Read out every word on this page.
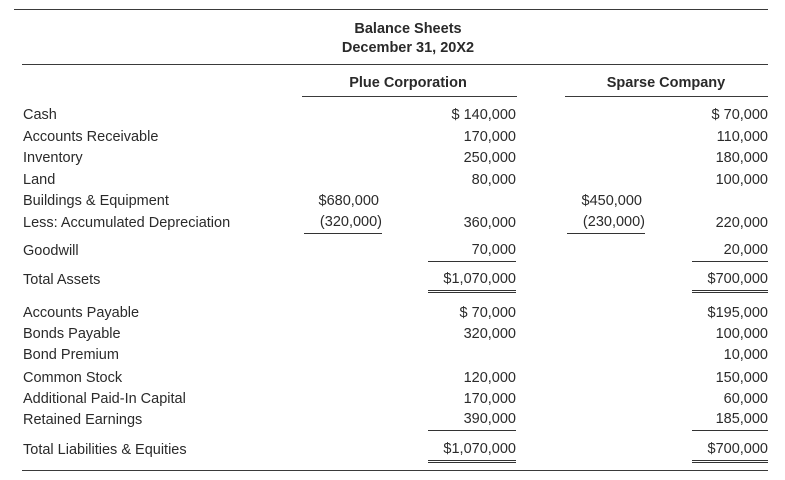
Balance Sheets
December 31, 20X2
Plue Corporation	Sparse Company
Cash
Accounts Receivable
Inventory
Land
Buildings & Equipment
Less: Accumulated Depreciation
Goodwill
Total Assets
Accounts Payable
Bonds Payable
Bond Premium
Common Stock
Additional Paid-In Capital
Retained Earnings
Total Liabilities & Equities
$680,000
(320,000)
$ 140,000
170,000
250,000
80,000
360,000
70,000
$1,070,000
$ 70,000
320,000
120,000
170,000
390,000
$1,070,000
$450,000
(230,000)
$ 70,000
110,000
180,000
100,000
220,000
20,000
$700,000
$195,000
100,000
10,000
150,000
60,000
185,000
$700,000
